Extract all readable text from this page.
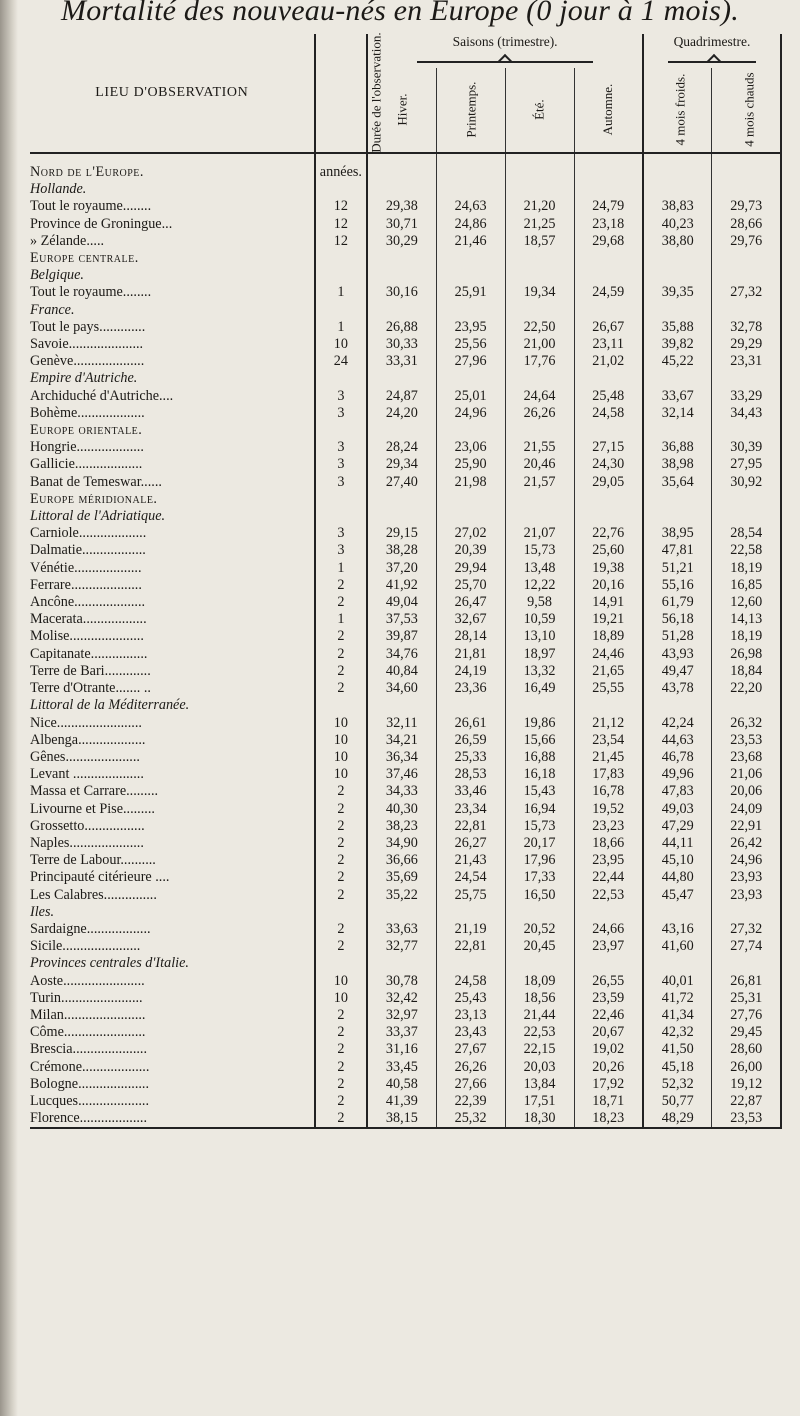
Mortalité des nouveau-nés en Europe (0 jour à 1 mois).
LIEU D'OBSERVATION	Durée de l'observation.	Saisons (trimestre).				Quadrimestre.	

		Hiver.	Printemps.	Été.	Automne.	4 mois froids.	4 mois chauds

Nord de l'Europe.	années.						
Hollande.							
Tout le royaume........	12	29,38	24,63	21,20	24,79	38,83	29,73
Province de Groningue...	12	30,71	24,86	21,25	23,18	40,23	28,66
» Zélande.....	12	30,29	21,46	18,57	29,68	38,80	29,76
Europe centrale.							
Belgique.							
Tout le royaume........	1	30,16	25,91	19,34	24,59	39,35	27,32
France.							
Tout le pays.............	1	26,88	23,95	22,50	26,67	35,88	32,78
Savoie.....................	10	30,33	25,56	21,00	23,11	39,82	29,29
Genève....................	24	33,31	27,96	17,76	21,02	45,22	23,31
Empire d'Autriche.							
Archiduché d'Autriche....	3	24,87	25,01	24,64	25,48	33,67	33,29
Bohème...................	3	24,20	24,96	26,26	24,58	32,14	34,43
Europe orientale.							
Hongrie...................	3	28,24	23,06	21,55	27,15	36,88	30,39
Gallicie...................	3	29,34	25,90	20,46	24,30	38,98	27,95
Banat de Temeswar......	3	27,40	21,98	21,57	29,05	35,64	30,92
Europe méridionale.							
Littoral de l'Adriatique.							
Carniole...................	3	29,15	27,02	21,07	22,76	38,95	28,54
Dalmatie..................	3	38,28	20,39	15,73	25,60	47,81	22,58
Vénétie...................	1	37,20	29,94	13,48	19,38	51,21	18,19
Ferrare....................	2	41,92	25,70	12,22	20,16	55,16	16,85
Ancône....................	2	49,04	26,47	9,58	14,91	61,79	12,60
Macerata..................	1	37,53	32,67	10,59	19,21	56,18	14,13
Molise.....................	2	39,87	28,14	13,10	18,89	51,28	18,19
Capitanate................	2	34,76	21,81	18,97	24,46	43,93	26,98
Terre de Bari.............	2	40,84	24,19	13,32	21,65	49,47	18,84
Terre d'Otrante....... ..	2	34,60	23,36	16,49	25,55	43,78	22,20
Littoral de la Méditerranée.							
Nice........................	10	32,11	26,61	19,86	21,12	42,24	26,32
Albenga...................	10	34,21	26,59	15,66	23,54	44,63	23,53
Gênes.....................	10	36,34	25,33	16,88	21,45	46,78	23,68
Levant ....................	10	37,46	28,53	16,18	17,83	49,96	21,06
Massa et Carrare.........	2	34,33	33,46	15,43	16,78	47,83	20,06
Livourne et Pise.........	2	40,30	23,34	16,94	19,52	49,03	24,09
Grossetto.................	2	38,23	22,81	15,73	23,23	47,29	22,91
Naples.....................	2	34,90	26,27	20,17	18,66	44,11	26,42
Terre de Labour..........	2	36,66	21,43	17,96	23,95	45,10	24,96
Principauté citérieure ....	2	35,69	24,54	17,33	22,44	44,80	23,93
Les Calabres...............	2	35,22	25,75	16,50	22,53	45,47	23,93
Iles.							
Sardaigne..................	2	33,63	21,19	20,52	24,66	43,16	27,32
Sicile......................	2	32,77	22,81	20,45	23,97	41,60	27,74
Provinces centrales d'Italie.							
Aoste.......................	10	30,78	24,58	18,09	26,55	40,01	26,81
Turin.......................	10	32,42	25,43	18,56	23,59	41,72	25,31
Milan.......................	2	32,97	23,13	21,44	22,46	41,34	27,76
Côme.......................	2	33,37	23,43	22,53	20,67	42,32	29,45
Brescia.....................	2	31,16	27,67	22,15	19,02	41,50	28,60
Crémone...................	2	33,45	26,26	20,03	20,26	45,18	26,00
Bologne....................	2	40,58	27,66	13,84	17,92	52,32	19,12
Lucques....................	2	41,39	22,39	17,51	18,71	50,77	22,87
Florence...................	2	38,15	25,32	18,30	18,23	48,29	23,53
